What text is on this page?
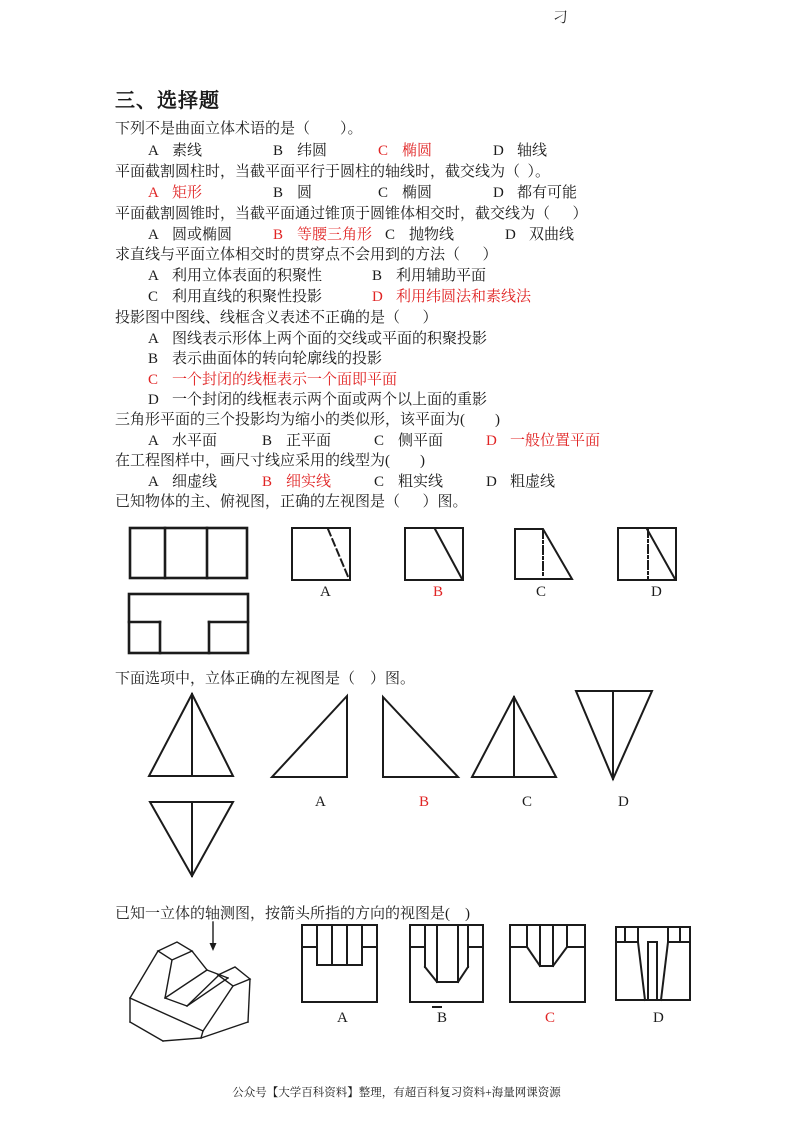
刁
三、选择题
下列不是曲面立体术语的是（        ）。
A 素线	B 纬圆	C 椭圆	D 轴线
平面截割圆柱时，当截平面平行于圆柱的轴线时，截交线为（  ）。
A 矩形	B 圆	C 椭圆	D 都有可能
平面截割圆锥时，当截平面通过锥顶于圆锥体相交时，截交线为（      ）
A 圆或椭圆	B 等腰三角形 C 抛物线	D 双曲线
求直线与平面立体相交时的贯穿点不会用到的方法（      ）
A 利用立体表面的积聚性	B 利用辅助平面
C 利用直线的积聚性投影	D 利用纬圆法和素线法
投影图中图线、线框含义表述不正确的是（      ）
A 图线表示形体上两个面的交线或平面的积聚投影
B 表示曲面体的转向轮廓线的投影
C 一个封闭的线框表示一个面即平面
D 一个封闭的线框表示两个面或两个以上面的重影
三角形平面的三个投影均为缩小的类似形，该平面为(        )
A 水平面	B 正平面	C 侧平面	D 一般位置平面
在工程图样中，画尺寸线应采用的线型为(        )
A 细虚线	B 细实线	C 粗实线	D 粗虚线
已知物体的主、俯视图，正确的左视图是（      ）图。
A	B	C	D
下面选项中，立体正确的左视图是（    ）图。
A	B	C	D
已知一立体的轴测图，按箭头所指的方向的视图是(    )
A	B	C	D
公众号【大学百科资料】整理，有超百科复习资料+海量网课资源
